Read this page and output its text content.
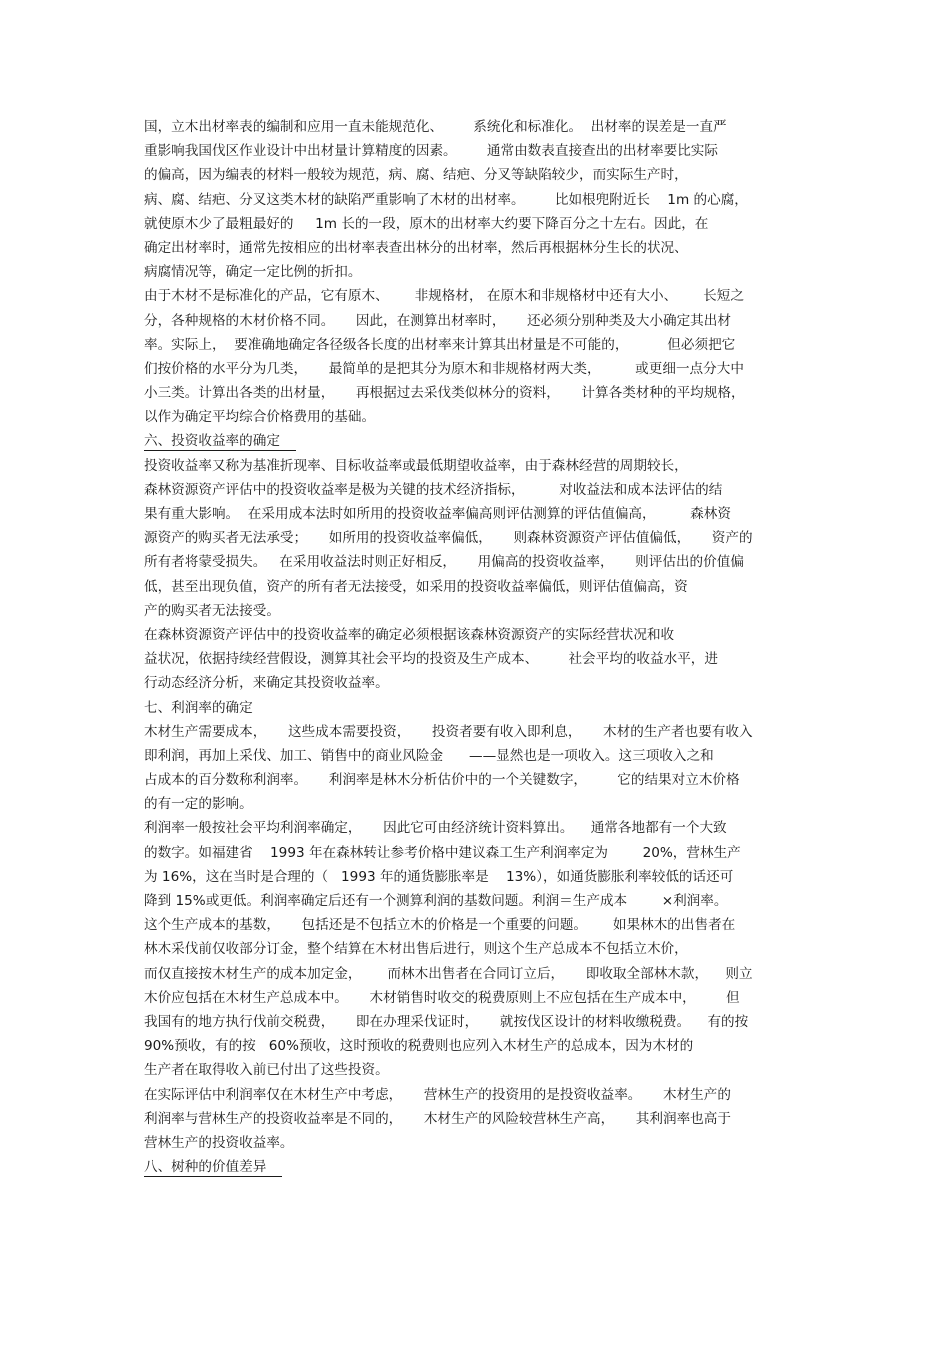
国，立木出材率表的编制和应用一直未能规范化、       系统化和标准化。  出材率的误差是一直严
重影响我国伐区作业设计中出材量计算精度的因素。       通常由数表直接查出的出材率要比实际
的偏高，因为编表的材料一般较为规范，病、腐、结疤、分叉等缺陷较少，而实际生产时，
病、腐、结疤、分叉这类木材的缺陷严重影响了木材的出材率。       比如根兜附近长    1m 的心腐，
就使原木少了最粗最好的     1m 长的一段，原木的出材率大约要下降百分之十左右。因此，在
确定出材率时，通常先按相应的出材率表查出林分的出材率，然后再根据林分生长的状况、
病腐情况等，确定一定比例的折扣。
由于木材不是标准化的产品，它有原木、      非规格材， 在原木和非规格材中还有大小、      长短之
分，各种规格的木材价格不同。     因此，在测算出材率时，     还必须分别种类及大小确定其出材
率。实际上，  要准确地确定各径级各长度的出材率来计算其出材量是不可能的，         但必须把它
们按价格的水平分为几类，     最简单的是把其分为原木和非规格材两大类，        或更细一点分大中
小三类。计算出各类的出材量，     再根据过去采伐类似林分的资料，     计算各类材种的平均规格，
以作为确定平均综合价格费用的基础。
六、投资收益率的确定
投资收益率又称为基准折现率、目标收益率或最低期望收益率，由于森林经营的周期较长，
森林资源资产评估中的投资收益率是极为关键的技术经济指标，        对收益法和成本法评估的结
果有重大影响。  在采用成本法时如所用的投资收益率偏高则评估测算的评估值偏高，        森林资
源资产的购买者无法承受；     如所用的投资收益率偏低，     则森林资源资产评估值偏低，     资产的
所有者将蒙受损失。   在采用收益法时则正好相反，     用偏高的投资收益率，     则评估出的价值偏
低，甚至出现负值，资产的所有者无法接受，如采用的投资收益率偏低，则评估值偏高，资
产的购买者无法接受。
在森林资源资产评估中的投资收益率的确定必须根据该森林资源资产的实际经营状况和收
益状况，依据持续经营假设，测算其社会平均的投资及生产成本、       社会平均的收益水平，进
行动态经济分析，来确定其投资收益率。
七、利润率的确定
木材生产需要成本，     这些成本需要投资，     投资者要有收入即利息，     木材的生产者也要有收入
即利润，再加上采伐、加工、销售中的商业风险金      ——显然也是一项收入。这三项收入之和
占成本的百分数称利润率。     利润率是林木分析估价中的一个关键数字，       它的结果对立木价格
的有一定的影响。
利润率一般按社会平均利润率确定，     因此它可由经济统计资料算出。    通常各地都有一个大致
的数字。如福建省    1993 年在森林转让参考价格中建议森工生产利润率定为        20%，营林生产
为 16%，这在当时是合理的（   1993 年的通货膨胀率是    13%），如通货膨胀利率较低的话还可
降到 15%或更低。利润率确定后还有一个测算利润的基数问题。利润＝生产成本        ×利润率。
这个生产成本的基数，     包括还是不包括立木的价格是一个重要的问题。      如果林木的出售者在
林木采伐前仅收部分订金，整个结算在木材出售后进行，则这个生产总成本不包括立木价，
而仅直接按木材生产的成本加定金，      而林木出售者在合同订立后，     即收取全部林木款，    则立
木价应包括在木材生产总成本中。     木材销售时收交的税费原则上不应包括在生产成本中，       但
我国有的地方执行伐前交税费，     即在办理采伐证时，     就按伐区设计的材料收缴税费。    有的按
90%预收，有的按   60%预收，这时预收的税费则也应列入木材生产的总成本，因为木材的
生产者在取得收入前已付出了这些投资。
在实际评估中利润率仅在木材生产中考虑，     营林生产的投资用的是投资收益率。     木材生产的
利润率与营林生产的投资收益率是不同的，     木材生产的风险较营林生产高，     其利润率也高于
营林生产的投资收益率。
八、树种的价值差异
